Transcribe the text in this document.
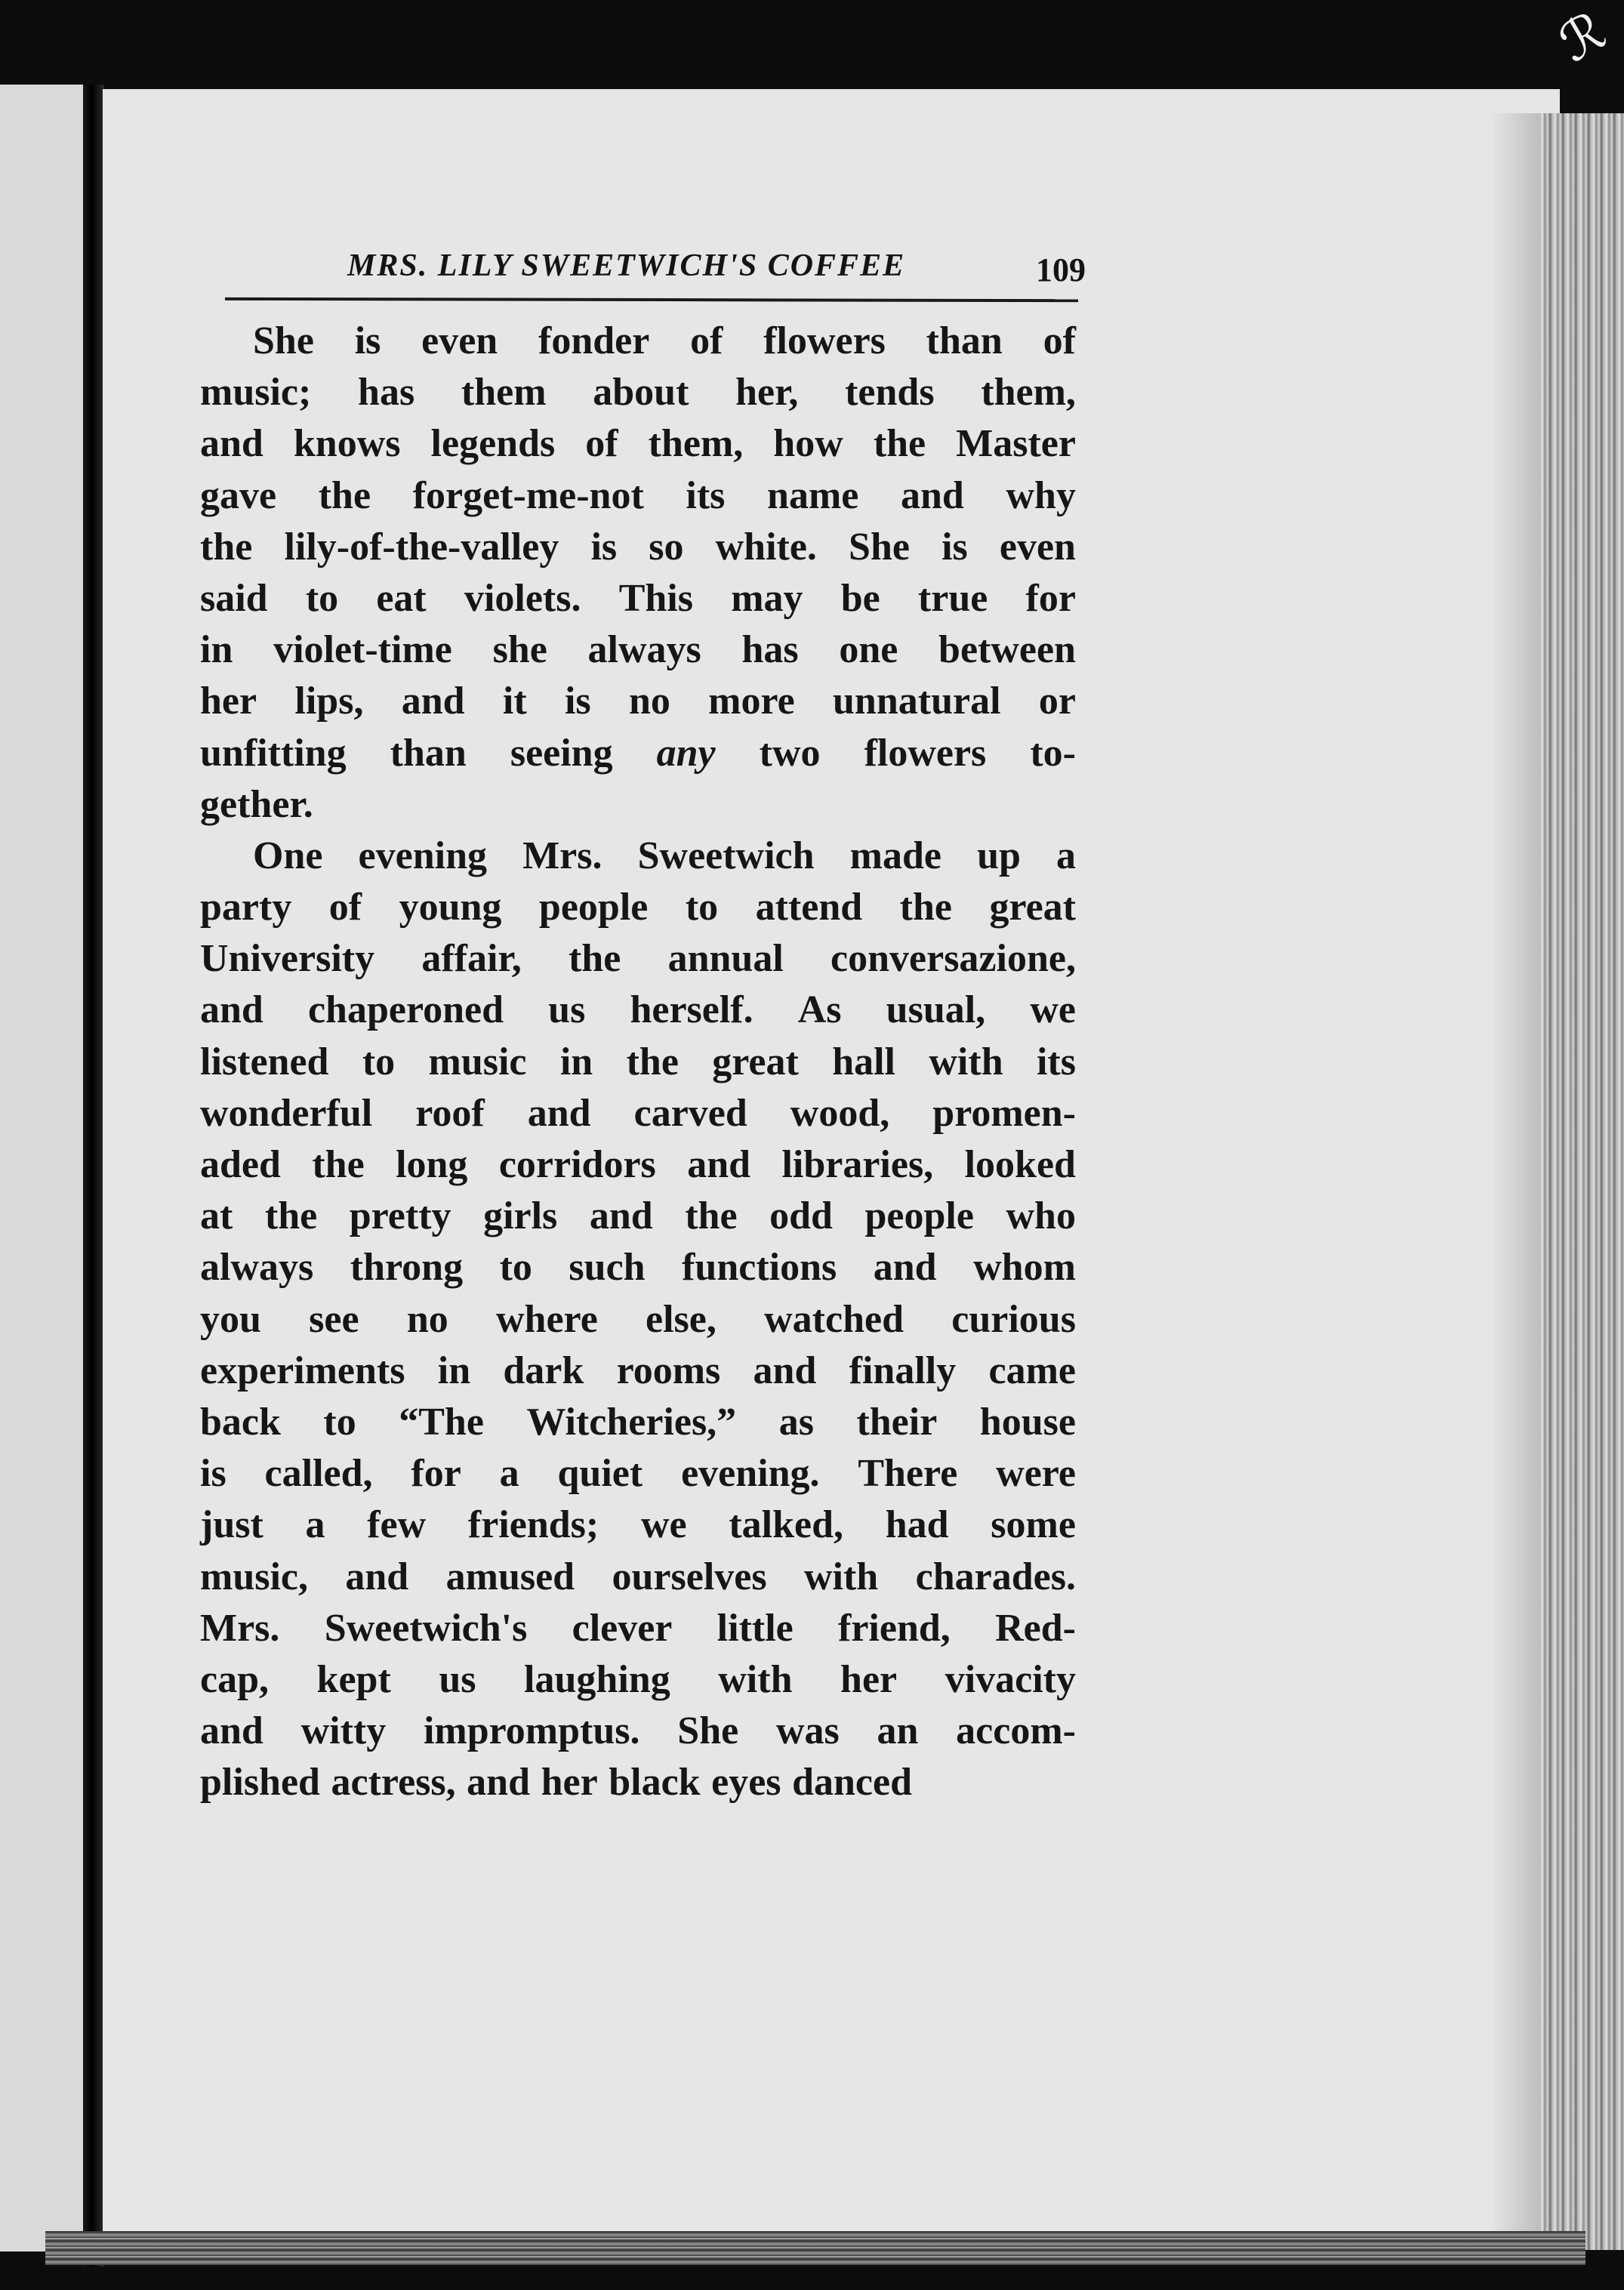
ℛ
MRS. LILY SWEETWICH'S COFFEE	109
She is even fonder of flowers than of
music; has them about her, tends them,
and knows legends of them, how the Master
gave the forget-me-not its name and why
the lily-of-the-valley is so white. She is even
said to eat violets. This may be true for
in violet-time she always has one between
her lips, and it is no more unnatural or
unfitting than seeing any two flowers to-
gether.
One evening Mrs. Sweetwich made up a
party of young people to attend the great
University affair, the annual conversazione,
and chaperoned us herself. As usual, we
listened to music in the great hall with its
wonderful roof and carved wood, promen-
aded the long corridors and libraries, looked
at the pretty girls and the odd people who
always throng to such functions and whom
you see no where else, watched curious
experiments in dark rooms and finally came
back to “The Witcheries,” as their house
is called, for a quiet evening. There were
just a few friends; we talked, had some
music, and amused ourselves with charades.
Mrs. Sweetwich's clever little friend, Red-
cap, kept us laughing with her vivacity
and witty impromptus. She was an accom-
plished actress, and her black eyes danced
